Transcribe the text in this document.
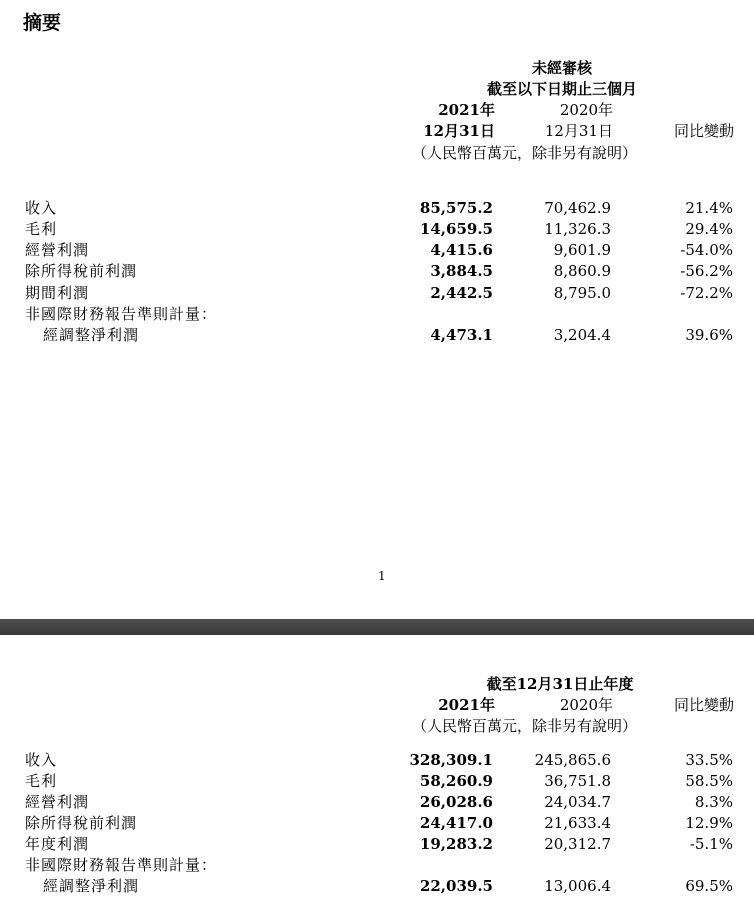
摘要
未經審核
截至以下日期止三個月
2021年	2020年
12月31日	12月31日	同比變動
（人民幣百萬元，除非另有說明）
收入	85,575.2	70,462.9	21.4%
毛利	14,659.5	11,326.3	29.4%
經營利潤	4,415.6	9,601.9	-54.0%
除所得稅前利潤	3,884.5	8,860.9	-56.2%
期間利潤	2,442.5	8,795.0	-72.2%
非國際財務報告準則計量：
經調整淨利潤	4,473.1	3,204.4	39.6%
1
截至12月31日止年度
2021年	2020年	同比變動
（人民幣百萬元，除非另有說明）
收入	328,309.1	245,865.6	33.5%
毛利	58,260.9	36,751.8	58.5%
經營利潤	26,028.6	24,034.7	8.3%
除所得稅前利潤	24,417.0	21,633.4	12.9%
年度利潤	19,283.2	20,312.7	-5.1%
非國際財務報告準則計量：
經調整淨利潤	22,039.5	13,006.4	69.5%
